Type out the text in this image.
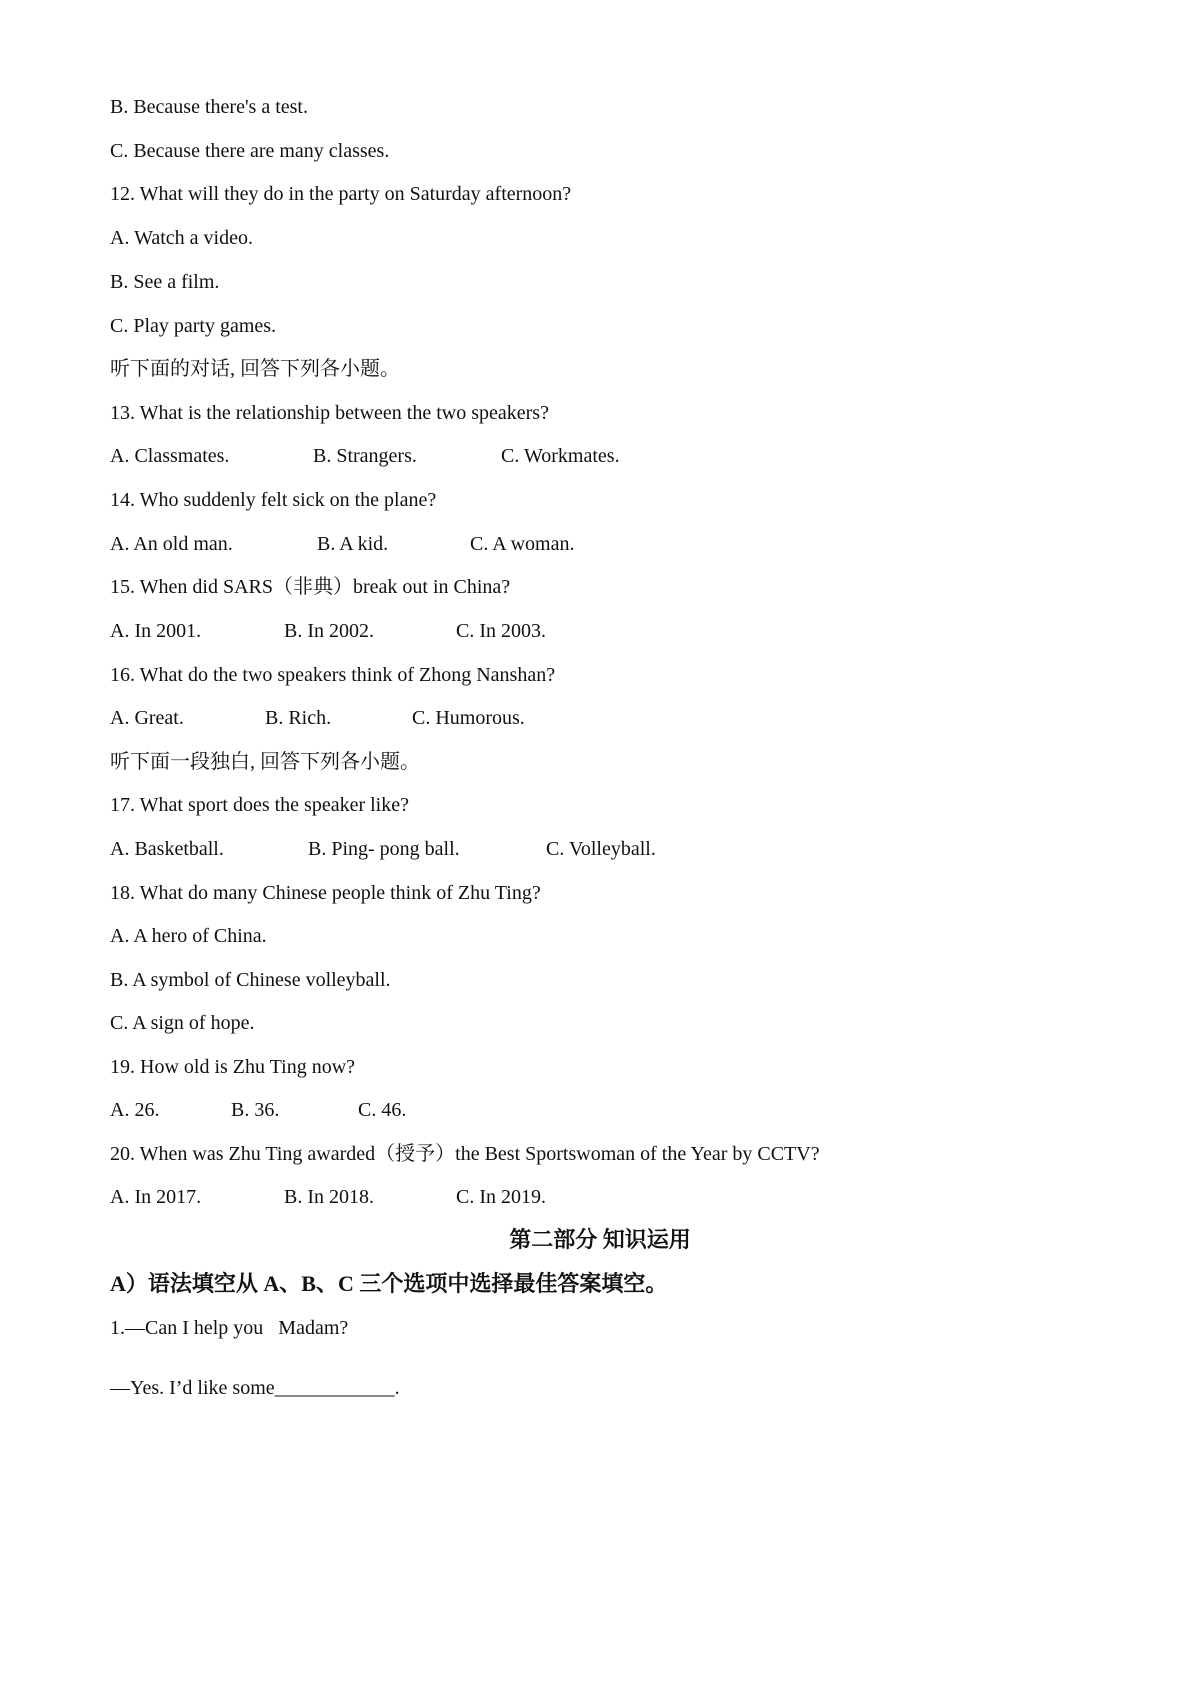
B. Because there's a test.

C. Because there are many classes.

12. What will they do in the party on Saturday afternoon?

A. Watch a video.

B. See a film.

C. Play party games.

听下面的对话, 回答下列各小题。

13. What is the relationship between the two speakers?

A. Classmates.

	B. Strangers.

	C. Workmates.

14. Who suddenly felt sick on the plane?

A. An old man.

	B. A kid.

	C. A woman.

15. When did SARS（非典）break out in China?

A. In 2001.

	B. In 2002.

	C. In 2003.

16. What do the two speakers think of Zhong Nanshan?

A. Great.

	B. Rich.

	C. Humorous.

听下面一段独白, 回答下列各小题。

17. What sport does the speaker like?

A. Basketball.

	B. Ping- pong ball.

	C. Volleyball.

18. What do many Chinese people think of Zhu Ting?

A. A hero of China.

B. A symbol of Chinese volleyball.

C. A sign of hope.

19. How old is Zhu Ting now?

A. 26.

	B. 36.

	C. 46.

20. When was Zhu Ting awarded（授予）the Best Sportswoman of the Year by CCTV?

A. In 2017.

	B. In 2018.

	C. In 2019.

第二部分 知识运用
A）语法填空从 A、B、C 三个选项中选择最佳答案填空。

1.—Can I help you   Madam?

—Yes. I’d like some____________.
